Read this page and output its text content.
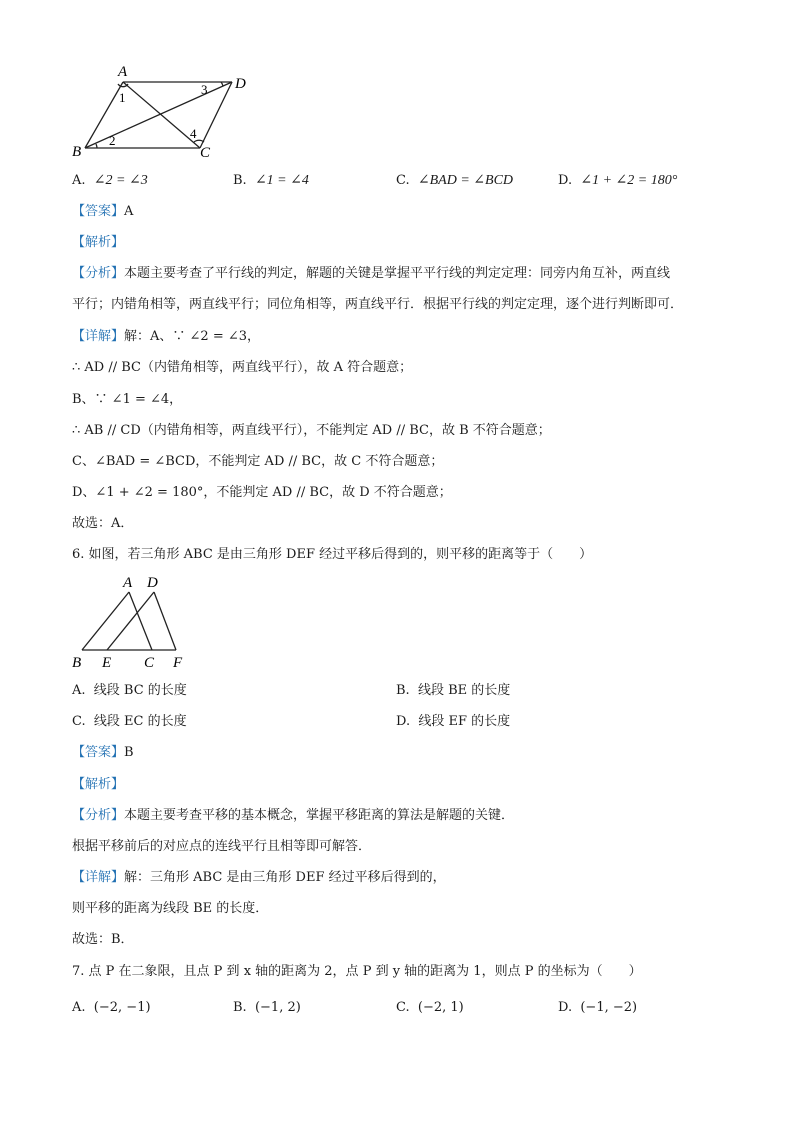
A
D
B	C
1
2
3
4
A. ∠2 = ∠3	B. ∠1 = ∠4	C. ∠BAD = ∠BCD	D. ∠1 + ∠2 = 180°
【答案】A
【解析】
【分析】本题主要考查了平行线的判定，解题的关键是掌握平平行线的判定定理：同旁内角互补，两直线
平行；内错角相等，两直线平行；同位角相等，两直线平行．根据平行线的判定定理，逐个进行判断即可．
【详解】解：A、∵ ∠2 = ∠3，
∴ AD // BC（内错角相等，两直线平行），故 A 符合题意；
B、∵ ∠1 = ∠4，
∴ AB // CD（内错角相等，两直线平行），不能判定 AD // BC，故 B 不符合题意；
C、∠BAD = ∠BCD，不能判定 AD // BC，故 C 不符合题意；
D、∠1 + ∠2 = 180°，不能判定 AD // BC，故 D 不符合题意；
故选：A．
6. 如图，若三角形 ABC 是由三角形 DEF 经过平移后得到的，则平移的距离等于（　　）
A D
B E C F
A. 线段 BC 的长度	B. 线段 BE 的长度
C. 线段 EC 的长度	D. 线段 EF 的长度
【答案】B
【解析】
【分析】本题主要考查平移的基本概念，掌握平移距离的算法是解题的关键．
根据平移前后的对应点的连线平行且相等即可解答．
【详解】解：三角形 ABC 是由三角形 DEF 经过平移后得到的，
则平移的距离为线段 BE 的长度．
故选：B．
7. 点 P 在二象限，且点 P 到 x 轴的距离为 2，点 P 到 y 轴的距离为 1，则点 P 的坐标为（　　）
A. (−2, −1)	B. (−1, 2)	C. (−2, 1)	D. (−1, −2)
